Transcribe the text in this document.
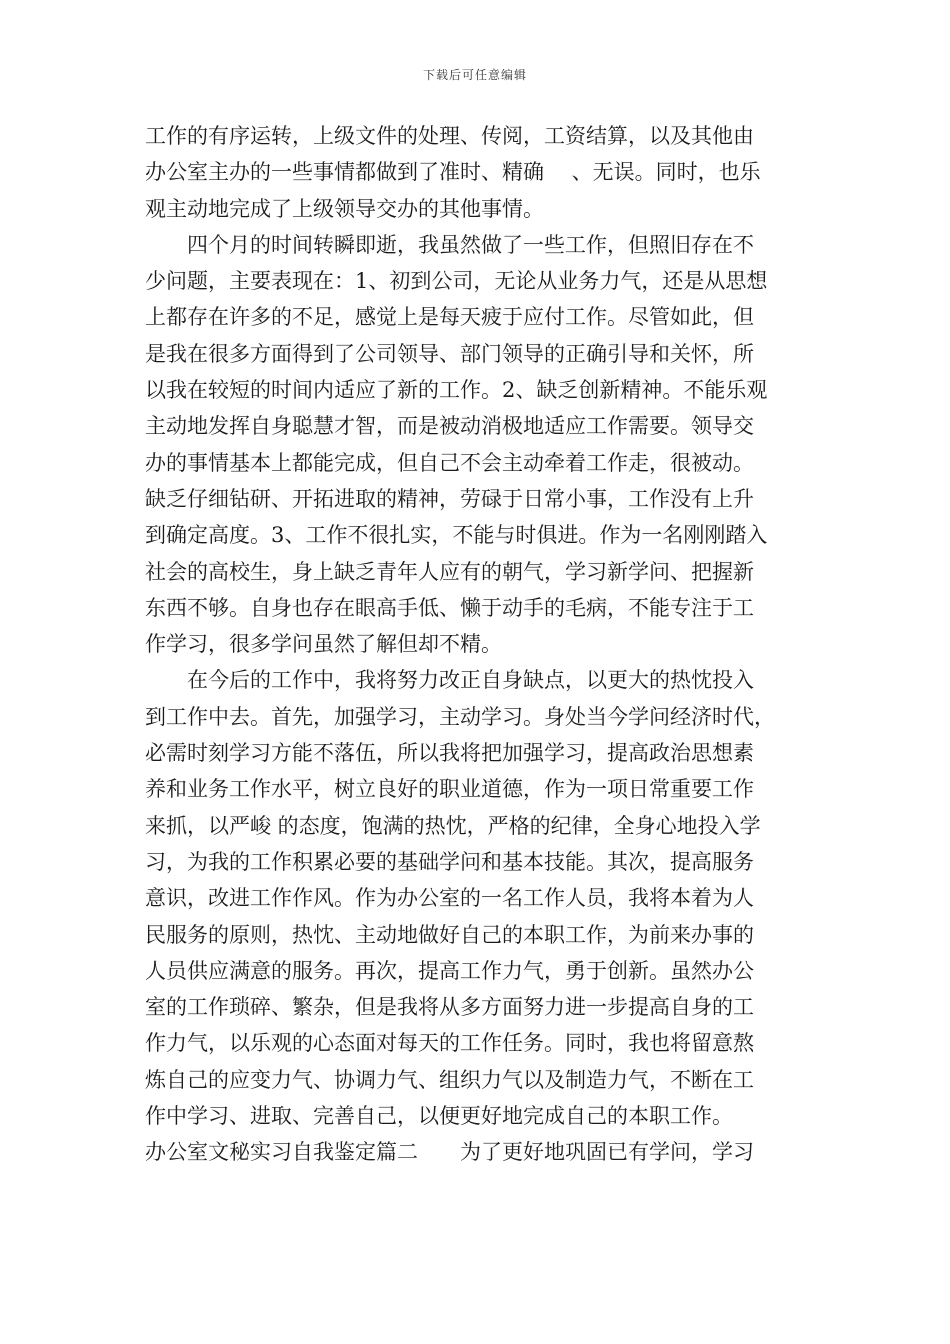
下载后可任意编辑
工作的有序运转，上级文件的处理、传阅，工资结算，以及其他由
办公室主办的一些事情都做到了准时、精确　 、无误。同时，也乐
观主动地完成了上级领导交办的其他事情。
四个月的时间转瞬即逝，我虽然做了一些工作，但照旧存在不
少问题，主要表现在：1、初到公司，无论从业务力气，还是从思想
上都存在许多的不足，感觉上是每天疲于应付工作。尽管如此，但
是我在很多方面得到了公司领导、部门领导的正确引导和关怀，所
以我在较短的时间内适应了新的工作。2、缺乏创新精神。不能乐观
主动地发挥自身聪慧才智，而是被动消极地适应工作需要。领导交
办的事情基本上都能完成，但自己不会主动牵着工作走，很被动。
缺乏仔细钻研、开拓进取的精神，劳碌于日常小事，工作没有上升
到确定高度。3、工作不很扎实，不能与时俱进。作为一名刚刚踏入
社会的高校生，身上缺乏青年人应有的朝气，学习新学问、把握新
东西不够。自身也存在眼高手低、懒于动手的毛病，不能专注于工
作学习，很多学问虽然了解但却不精。
在今后的工作中，我将努力改正自身缺点，以更大的热忱投入
到工作中去。首先，加强学习，主动学习。身处当今学问经济时代，
必需时刻学习方能不落伍，所以我将把加强学习，提高政治思想素
养和业务工作水平，树立良好的职业道德，作为一项日常重要工作
来抓，以严峻 的态度，饱满的热忱，严格的纪律，全身心地投入学
习，为我的工作积累必要的基础学问和基本技能。其次，提高服务
意识，改进工作作风。作为办公室的一名工作人员，我将本着为人
民服务的原则，热忱、主动地做好自己的本职工作，为前来办事的
人员供应满意的服务。再次，提高工作力气，勇于创新。虽然办公
室的工作琐碎、繁杂，但是我将从多方面努力进一步提高自身的工
作力气，以乐观的心态面对每天的工作任务。同时，我也将留意熬
炼自己的应变力气、协调力气、组织力气以及制造力气，不断在工
作中学习、进取、完善自己，以便更好地完成自己的本职工作。
办公室文秘实习自我鉴定篇二　　为了更好地巩固已有学问，学习
